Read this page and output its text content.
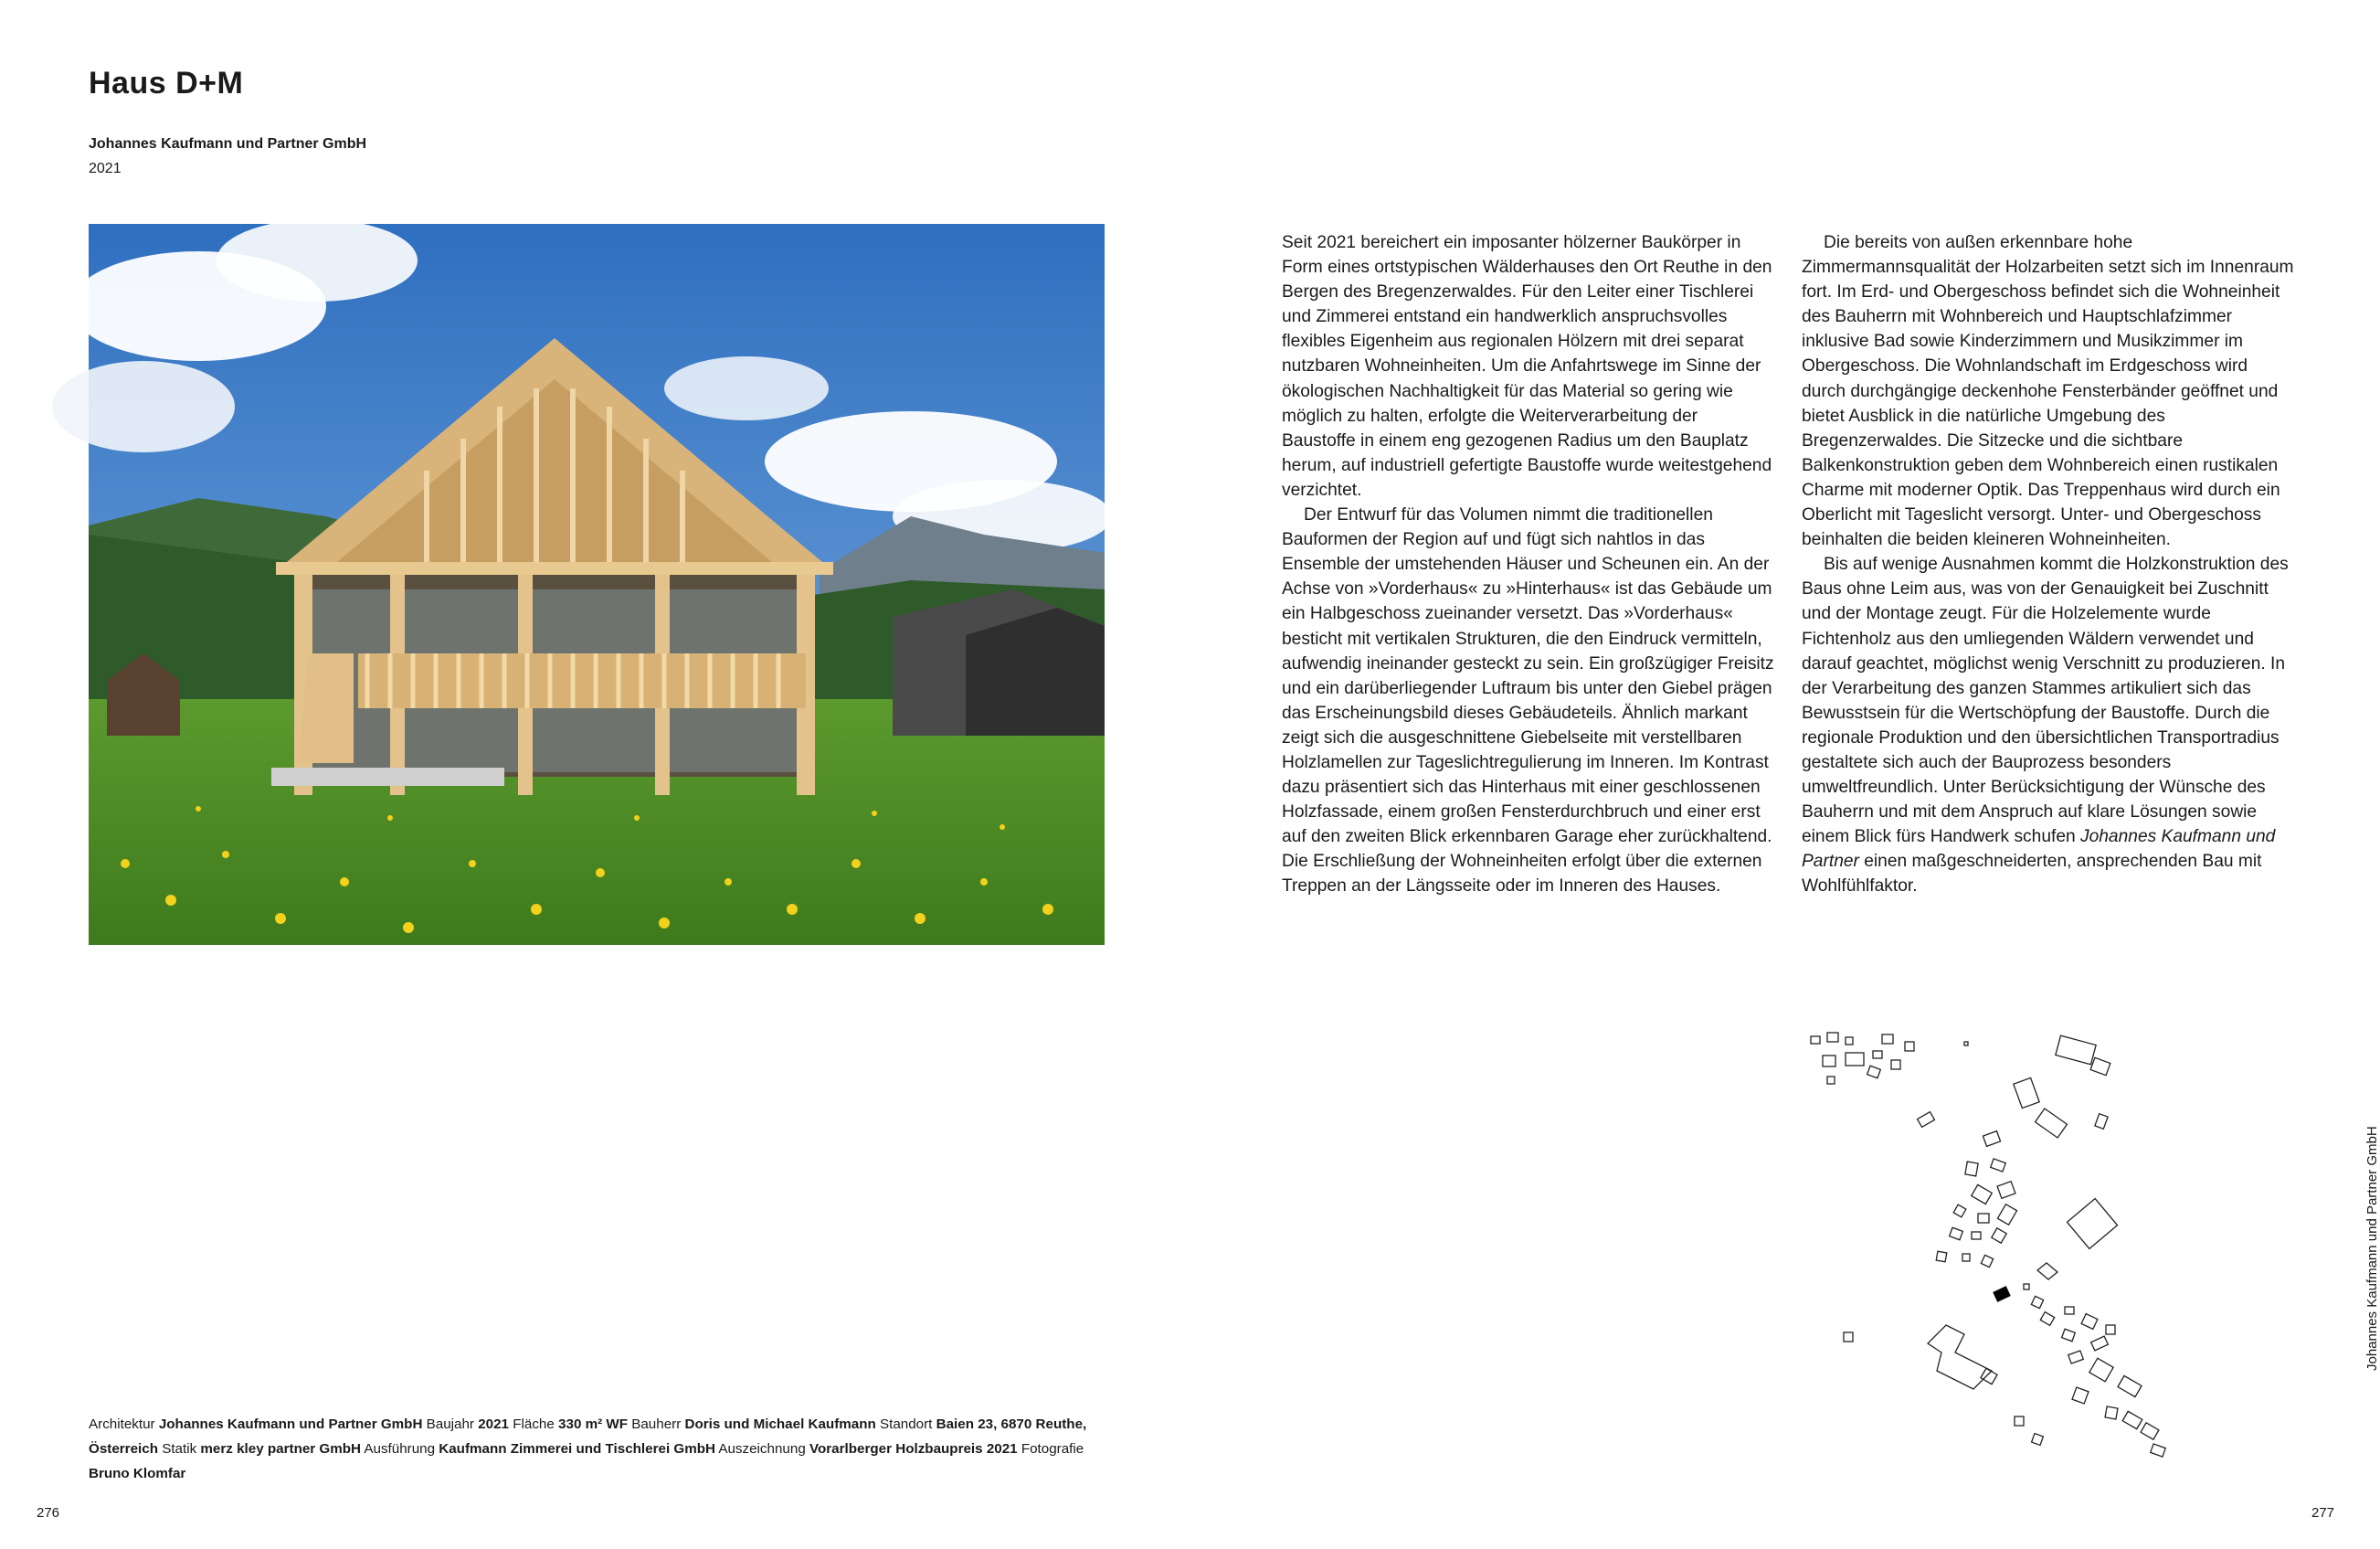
Haus D+M
Johannes Kaufmann und Partner GmbH
2021

Seit 2021 bereichert ein imposanter hölzerner Baukörper in Form eines ortstypischen Wälderhauses den Ort Reuthe in den Bergen des Bregenzerwaldes. Für den Leiter einer Tischlerei und Zimmerei entstand ein handwerklich anspruchsvolles flexibles Eigenheim aus regionalen Hölzern mit drei separat nutzbaren Wohneinheiten. Um die Anfahrtswege im Sinne der ökologischen Nachhaltigkeit für das Material so gering wie möglich zu halten, erfolgte die Weiterverarbeitung der Baustoffe in einem eng gezogenen Radius um den Bauplatz herum, auf industriell gefertigte Baustoffe wurde weitestgehend verzichtet.

Der Entwurf für das Volumen nimmt die traditionellen Bauformen der Region auf und fügt sich nahtlos in das Ensemble der umstehenden Häuser und Scheunen ein. An der Achse von »Vorderhaus« zu »Hinterhaus« ist das Gebäude um ein Halbgeschoss zueinander versetzt. Das »Vorderhaus« besticht mit vertikalen Strukturen, die den Eindruck vermitteln, aufwendig ineinander gesteckt zu sein. Ein großzügiger Freisitz und ein darüberliegender Luftraum bis unter den Giebel prägen das Erscheinungsbild dieses Gebäudeteils. Ähnlich markant zeigt sich die ausgeschnittene Giebelseite mit verstellbaren Holzlamellen zur Tageslichtregulierung im Inneren. Im Kontrast dazu präsentiert sich das Hinterhaus mit einer geschlossenen Holzfassade, einem großen Fensterdurchbruch und einer erst auf den zweiten Blick erkennbaren Garage eher zurückhaltend. Die Erschließung der Wohneinheiten erfolgt über die externen Treppen an der Längsseite oder im Inneren des Hauses.

Die bereits von außen erkennbare hohe Zimmermannsqualität der Holzarbeiten setzt sich im Innenraum fort. Im Erd- und Obergeschoss befindet sich die Wohneinheit des Bauherrn mit Wohnbereich und Hauptschlafzimmer inklusive Bad sowie Kinderzimmern und Musikzimmer im Obergeschoss. Die Wohnlandschaft im Erdgeschoss wird durch durchgängige deckenhohe Fensterbänder geöffnet und bietet Ausblick in die natürliche Umgebung des Bregenzerwaldes. Die Sitzecke und die sichtbare Balkenkonstruktion geben dem Wohnbereich einen rustikalen Charme mit moderner Optik. Das Treppenhaus wird durch ein Oberlicht mit Tageslicht versorgt. Unter- und Obergeschoss beinhalten die beiden kleineren Wohneinheiten.

Bis auf wenige Ausnahmen kommt die Holzkonstruktion des Baus ohne Leim aus, was von der Genauigkeit bei Zuschnitt und der Montage zeugt. Für die Holzelemente wurde Fichtenholz aus den umliegenden Wäldern verwendet und darauf geachtet, möglichst wenig Verschnitt zu produzieren. In der Verarbeitung des ganzen Stammes artikuliert sich das Bewusstsein für die Wertschöpfung der Baustoffe. Durch die regionale Produktion und den übersichtlichen Transportradius gestaltete sich auch der Bauprozess besonders umweltfreundlich. Unter Berücksichtigung der Wünsche des Bauherrn und mit dem Anspruch auf klare Lösungen sowie einem Blick fürs Handwerk schufen Johannes Kaufmann und Partner einen maßgeschneiderten, ansprechenden Bau mit Wohlfühlfaktor.

Architektur Johannes Kaufmann und Partner GmbH Baujahr 2021 Fläche 330 m² WF Bauherr Doris und Michael Kaufmann Standort Baien 23, 6870 Reuthe, Österreich Statik merz kley partner GmbH Ausführung Kaufmann Zimmerei und Tischlerei GmbH Auszeichnung Vorarlberger Holzbaupreis 2021 Fotografie Bruno Klomfar
276	277
Johannes Kaufmann und Partner GmbH
